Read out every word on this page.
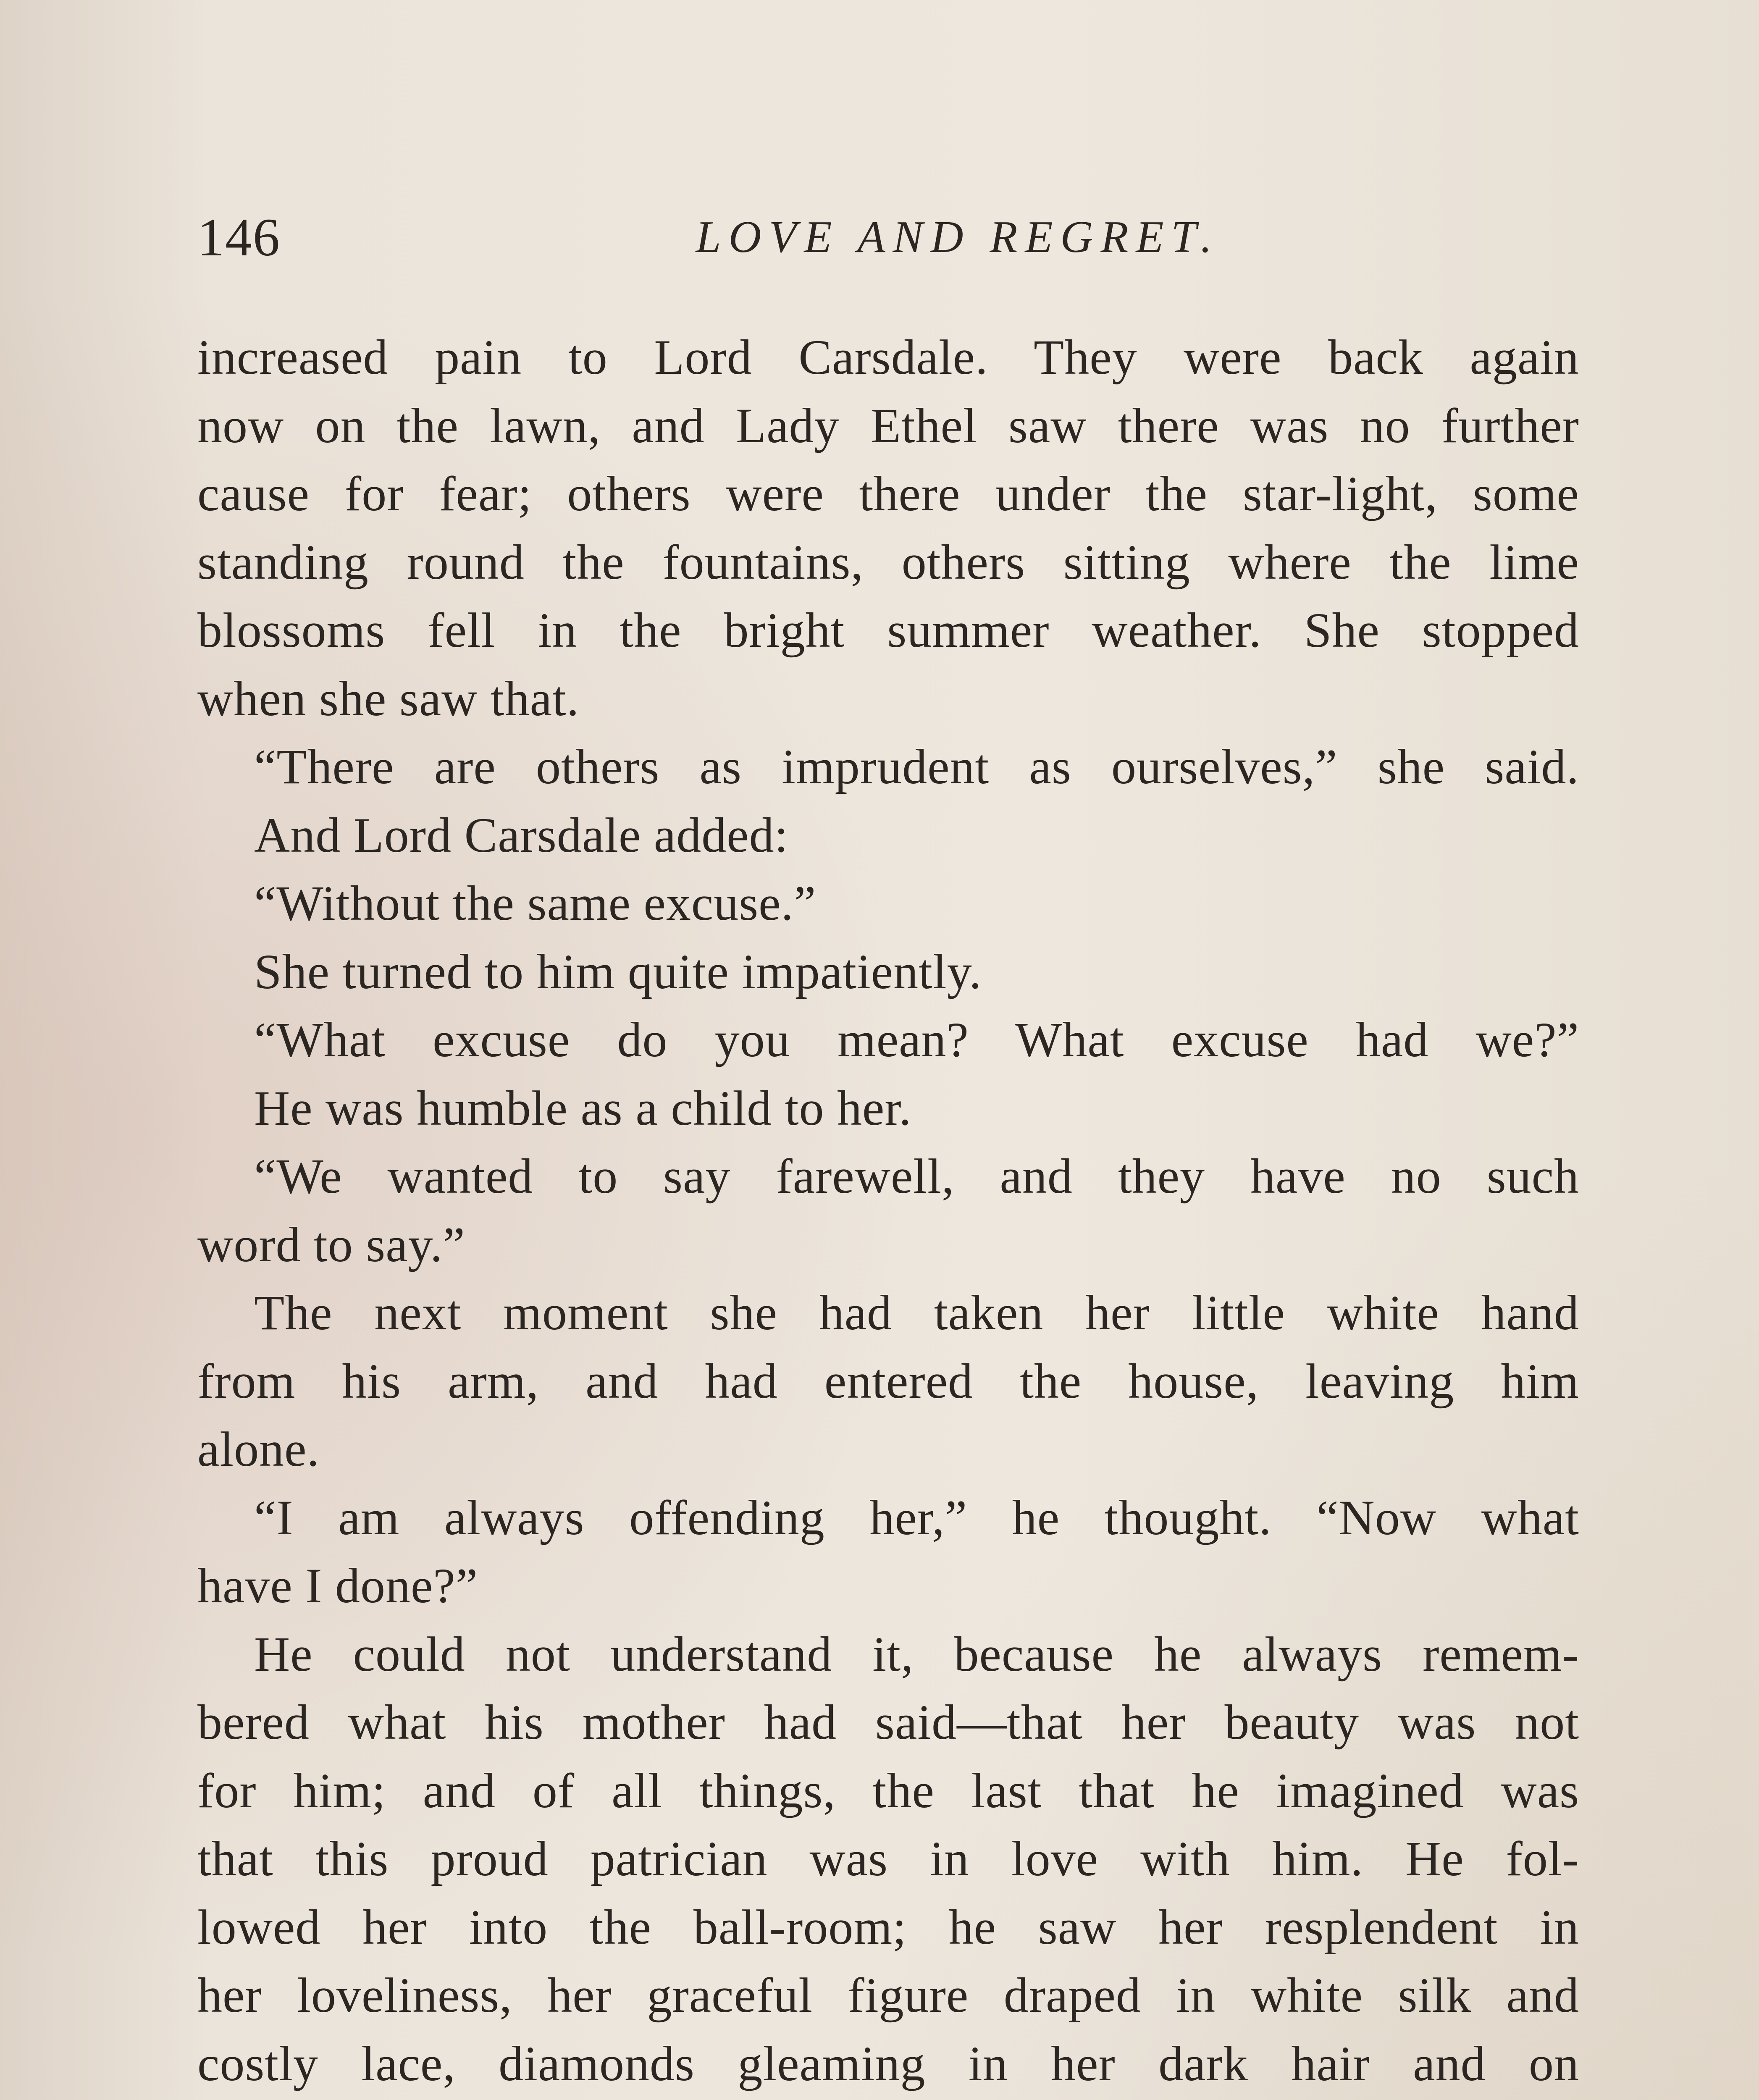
146	LOVE AND REGRET.
increased pain to Lord Carsdale. They were back again
now on the lawn, and Lady Ethel saw there was no further
cause for fear; others were there under the star-light, some
standing round the fountains, others sitting where the lime
blossoms fell in the bright summer weather. She stopped
when she saw that.
“There are others as imprudent as ourselves,” she said.
And Lord Carsdale added:
“Without the same excuse.”
She turned to him quite impatiently.
“What excuse do you mean? What excuse had we?”
He was humble as a child to her.
“We wanted to say farewell, and they have no such
word to say.”
The next moment she had taken her little white hand
from his arm, and had entered the house, leaving him
alone.
“I am always offending her,” he thought. “Now what
have I done?”
He could not understand it, because he always remem-
bered what his mother had said—that her beauty was not
for him; and of all things, the last that he imagined was
that this proud patrician was in love with him. He fol-
lowed her into the ball-room; he saw her resplendent in
her loveliness, her graceful figure draped in white silk and
costly lace, diamonds gleaming in her dark hair and on
